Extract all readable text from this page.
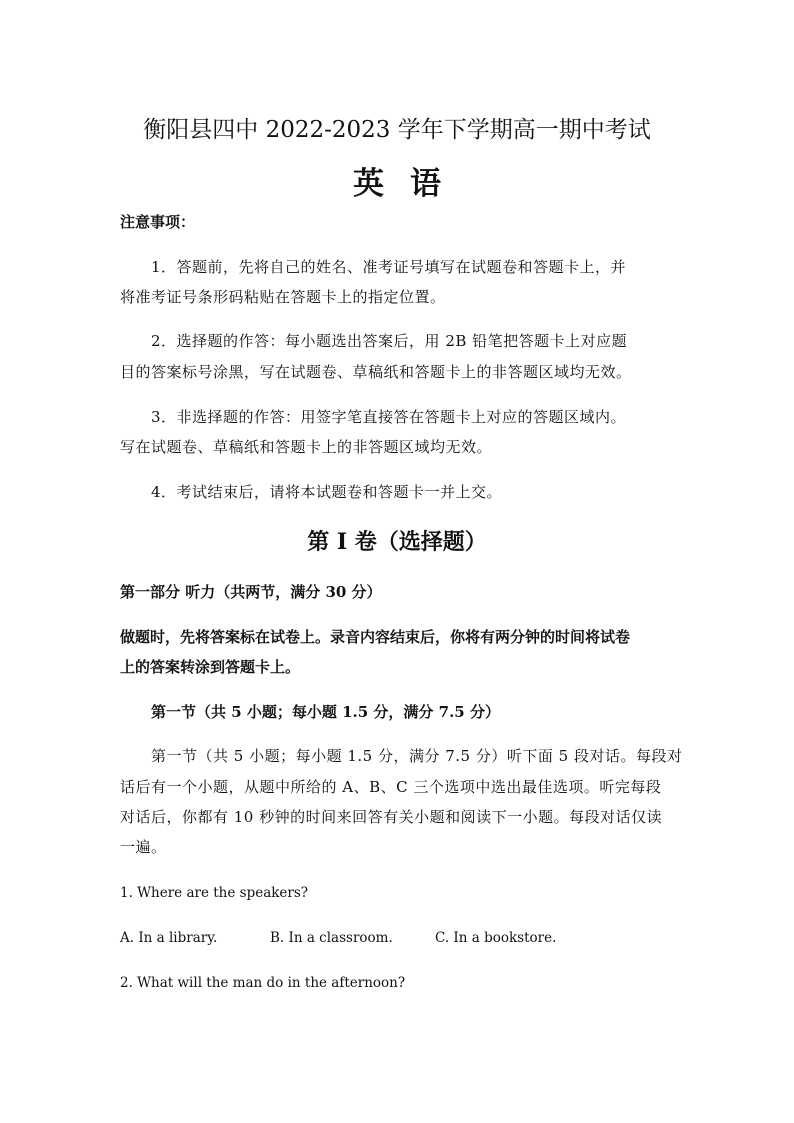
衡阳县四中 2022-2023 学年下学期高一期中考试
英语
注意事项：
1．答题前，先将自己的姓名、准考证号填写在试题卷和答题卡上，并
将准考证号条形码粘贴在答题卡上的指定位置。
2．选择题的作答：每小题选出答案后，用 2B 铅笔把答题卡上对应题
目的答案标号涂黑，写在试题卷、草稿纸和答题卡上的非答题区域均无效。
3．非选择题的作答：用签字笔直接答在答题卡上对应的答题区域内。
写在试题卷、草稿纸和答题卡上的非答题区域均无效。
4．考试结束后，请将本试题卷和答题卡一并上交。
第 I 卷（选择题）
第一部分 听力（共两节，满分 30 分）
做题时，先将答案标在试卷上。录音内容结束后，你将有两分钟的时间将试卷
上的答案转涂到答题卡上。
第一节（共 5 小题；每小题 1.5 分，满分 7.5 分）
第一节（共 5 小题；每小题 1.5 分，满分 7.5 分）听下面 5 段对话。每段对
话后有一个小题，从题中所给的 A、B、C 三个选项中选出最佳选项。听完每段
对话后，你都有 10 秒钟的时间来回答有关小题和阅读下一小题。每段对话仅读
一遍。
1. Where are the speakers?
A. In a library.	B. In a classroom.	C. In a bookstore.
2. What will the man do in the afternoon?
